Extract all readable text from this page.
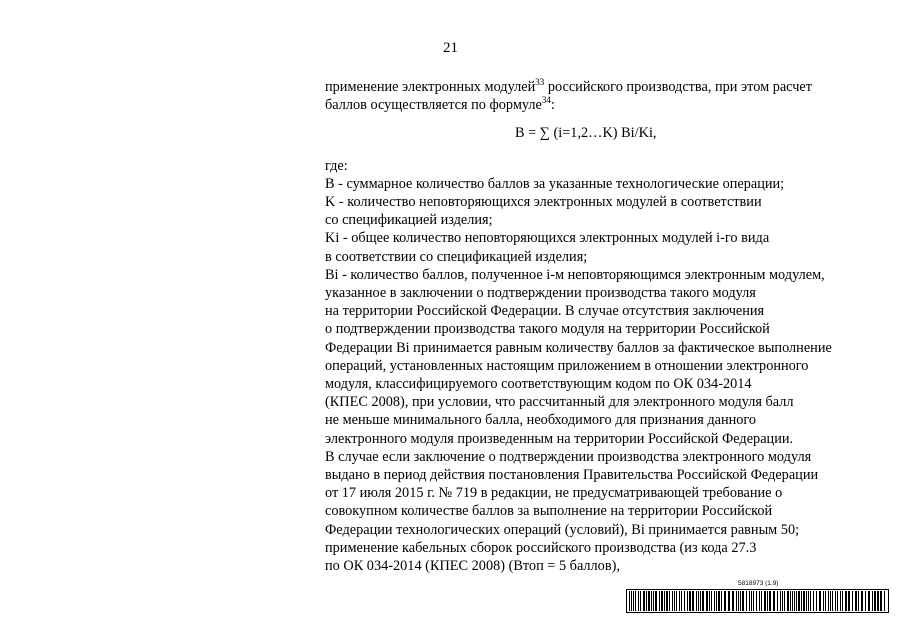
21
применение электронных модулей$^{33}$ российского производства, при этом расчет
баллов осуществляется по формуле$^{34}$:
B = ∑ (i=1,2…K) Bi/Ki,
где:
B - суммарное количество баллов за указанные технологические операции;
K - количество неповторяющихся электронных модулей в соответствии
со спецификацией изделия;
Ki - общее количество неповторяющихся электронных модулей i-го вида
в соответствии со спецификацией изделия;
Bi - количество баллов, полученное i-м неповторяющимся электронным модулем,
указанное в заключении о подтверждении производства такого модуля
на территории Российской Федерации. В случае отсутствия заключения
о подтверждении производства такого модуля на территории Российской
Федерации Bi принимается равным количеству баллов за фактическое выполнение
операций, установленных настоящим приложением в отношении электронного
модуля, классифицируемого соответствующим кодом по ОК 034-2014
(КПЕС 2008), при условии, что рассчитанный для электронного модуля балл
не меньше минимального балла, необходимого для признания данного
электронного модуля произведенным на территории Российской Федерации.
В случае если заключение о подтверждении производства электронного модуля
выдано в период действия постановления Правительства Российской Федерации
от 17 июля 2015 г. № 719 в редакции, не предусматривающей требование о
совокупном количестве баллов за выполнение на территории Российской
Федерации технологических операций (условий), Bi принимается равным 50;
применение кабельных сборок российского производства (из кода 27.3
по ОК 034-2014 (КПЕС 2008) (Bтоп = 5 баллов),
5818973 (1.9)
